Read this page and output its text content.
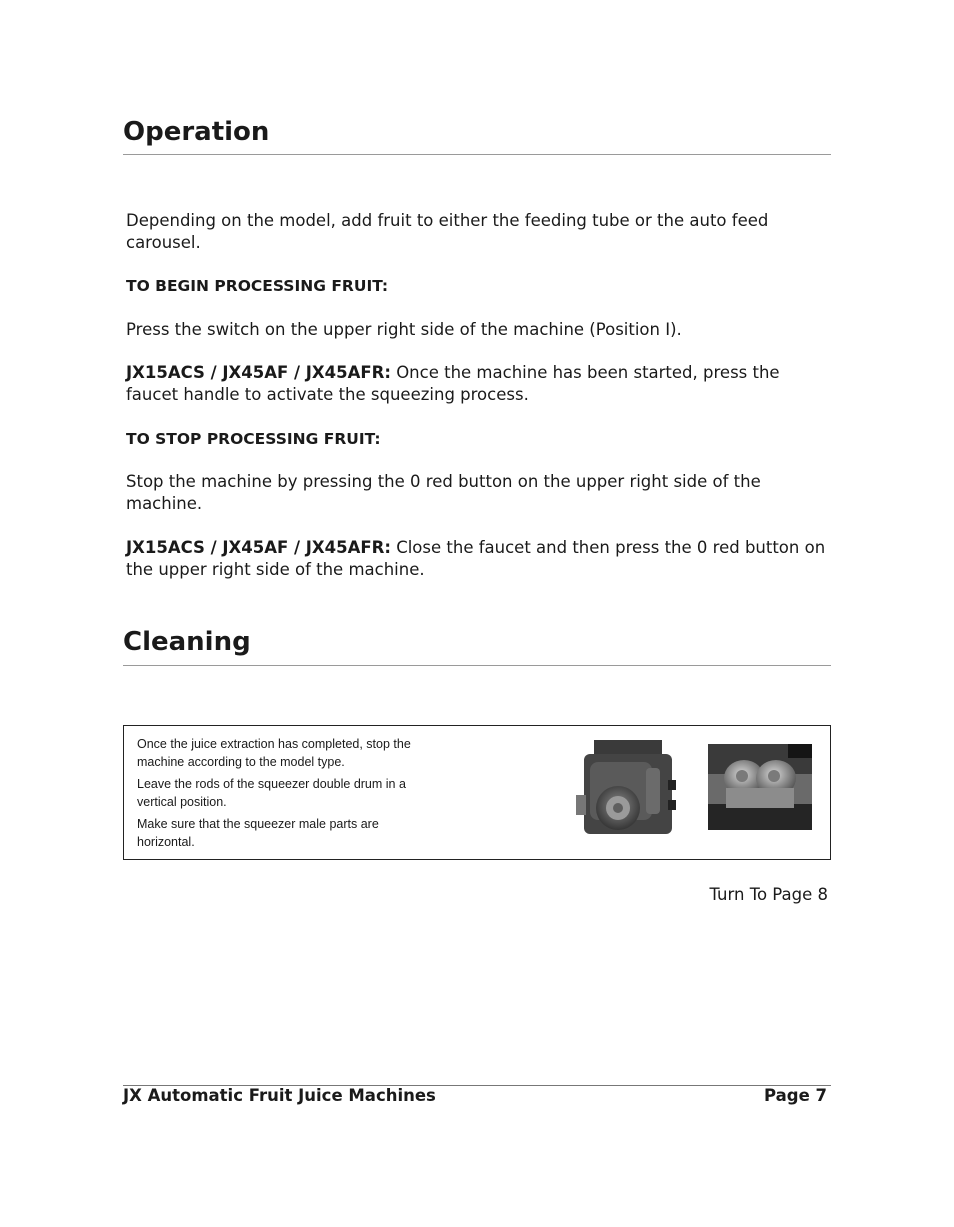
Operation

Depending on the model, add fruit to either the feeding tube or the auto feed carousel.

TO BEGIN PROCESSING FRUIT:

Press the switch on the upper right side of the machine (Position I).

JX15ACS / JX45AF / JX45AFR: Once the machine has been started, press the faucet handle to activate the squeezing process.

TO STOP PROCESSING FRUIT:

Stop the machine by pressing the 0 red button on the upper right side of the machine.

JX15ACS / JX45AF / JX45AFR: Close the faucet and then press the 0 red button on the upper right side of the machine.

Cleaning

Once the juice extraction has completed, stop the machine according to the model type.

Leave the rods of the squeezer double drum in a vertical position.

Make sure that the squeezer male parts are horizontal.

Turn To Page 8
JX Automatic Fruit Juice Machines	Page 7
